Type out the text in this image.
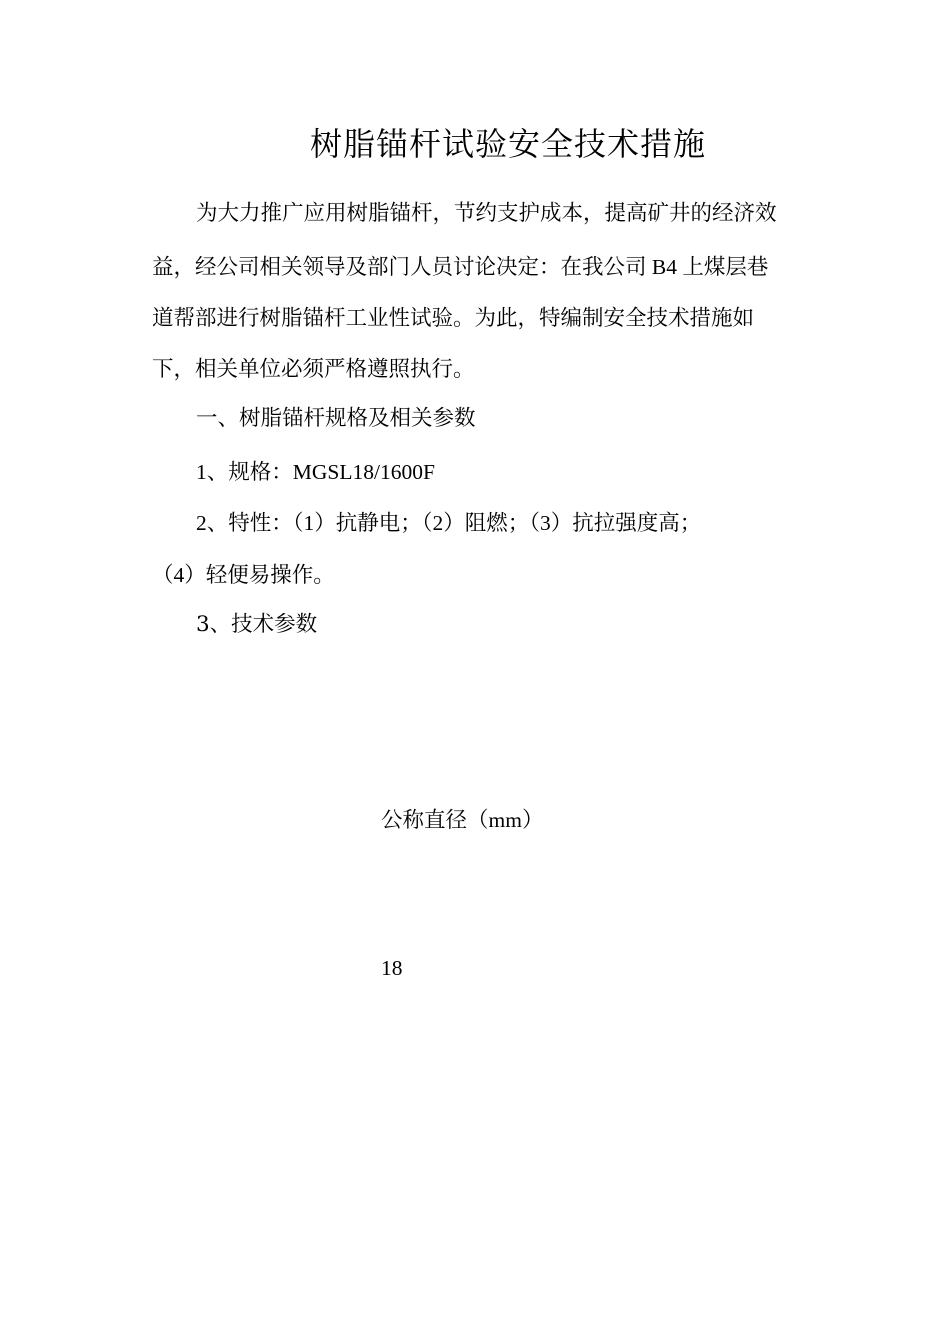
树脂锚杆试验安全技术措施
为大力推广应用树脂锚杆，节约支护成本，提高矿井的经济效
益，经公司相关领导及部门人员讨论决定：在我公司 B4 上煤层巷
道帮部进行树脂锚杆工业性试验。为此，特编制安全技术措施如
下，相关单位必须严格遵照执行。
一、树脂锚杆规格及相关参数
1、规格：MGSL18/1600F
2、特性：（1）抗静电；（2）阻燃；（3）抗拉强度高；
（4）轻便易操作。
3、技术参数
公称直径（mm）
18
